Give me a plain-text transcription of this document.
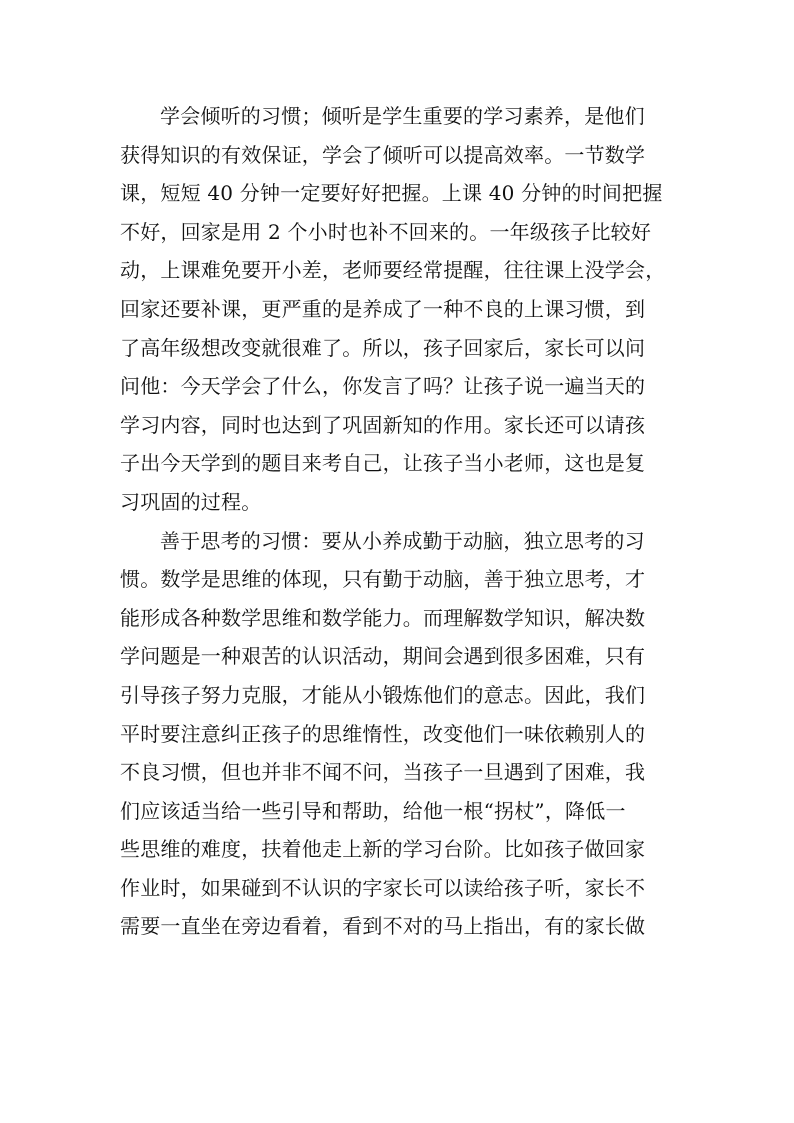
学会倾听的习惯；倾听是学生重要的学习素养，是他们
获得知识的有效保证，学会了倾听可以提高效率。一节数学
课，短短 40 分钟一定要好好把握。上课 40 分钟的时间把握
不好，回家是用 2 个小时也补不回来的。一年级孩子比较好
动，上课难免要开小差，老师要经常提醒，往往课上没学会，
回家还要补课，更严重的是养成了一种不良的上课习惯，到
了高年级想改变就很难了。所以，孩子回家后，家长可以问
问他：今天学会了什么，你发言了吗？让孩子说一遍当天的
学习内容，同时也达到了巩固新知的作用。家长还可以请孩
子出今天学到的题目来考自己，让孩子当小老师，这也是复
习巩固的过程。
善于思考的习惯：要从小养成勤于动脑，独立思考的习
惯。数学是思维的体现，只有勤于动脑，善于独立思考，才
能形成各种数学思维和数学能力。而理解数学知识，解决数
学问题是一种艰苦的认识活动，期间会遇到很多困难，只有
引导孩子努力克服，才能从小锻炼他们的意志。因此，我们
平时要注意纠正孩子的思维惰性，改变他们一味依赖别人的
不良习惯，但也并非不闻不问，当孩子一旦遇到了困难，我
们应该适当给一些引导和帮助，给他一根“拐杖”，降低一
些思维的难度，扶着他走上新的学习台阶。比如孩子做回家
作业时，如果碰到不认识的字家长可以读给孩子听，家长不
需要一直坐在旁边看着，看到不对的马上指出，有的家长做
